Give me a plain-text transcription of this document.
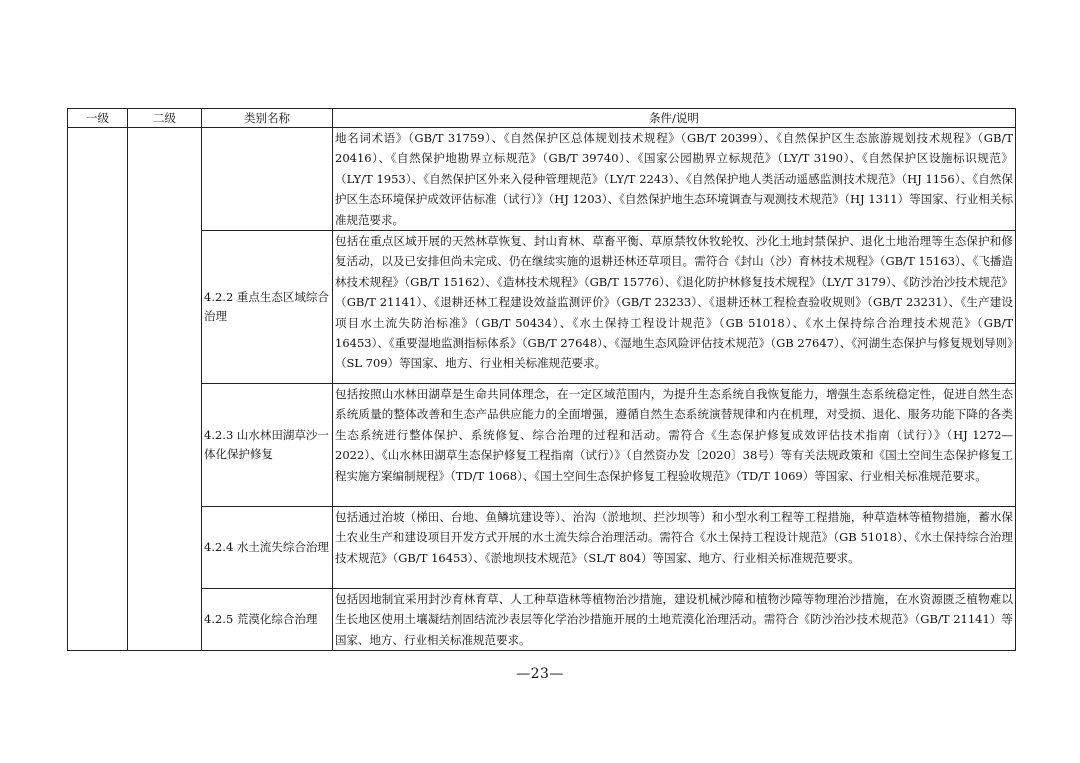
一级	二级	类别名称	条件/说明
			地名词术语》（GB/T 31759）、《自然保护区总体规划技术规程》（GB/T 20399）、《自然保护区生态旅游规划技术规程》（GB/T 20416）、《自然保护地勘界立标规范》（GB/T 39740）、《国家公园勘界立标规范》（LY/T 3190）、《自然保护区设施标识规范》（LY/T 1953）、《自然保护区外来入侵种管理规范》（LY/T 2243）、《自然保护地人类活动遥感监测技术规范》（HJ 1156）、《自然保护区生态环境保护成效评估标准（试行）》（HJ 1203）、《自然保护地生态环境调查与观测技术规范》（HJ 1311）等国家、行业相关标准规范要求。
		4.2.2 重点生态区域综合治理	包括在重点区域开展的天然林草恢复、封山育林、草畜平衡、草原禁牧休牧轮牧、沙化土地封禁保护、退化土地治理等生态保护和修复活动，以及已安排但尚未完成、仍在继续实施的退耕还林还草项目。需符合《封山（沙）育林技术规程》（GB/T 15163）、《飞播造林技术规程》（GB/T 15162）、《造林技术规程》（GB/T 15776）、《退化防护林修复技术规程》（LY/T 3179）、《防沙治沙技术规范》（GB/T 21141）、《退耕还林工程建设效益监测评价》（GB/T 23233）、《退耕还林工程检查验收规则》（GB/T 23231）、《生产建设项目水土流失防治标准》（GB/T 50434）、《水土保持工程设计规范》（GB 51018）、《水土保持综合治理技术规范》（GB/T 16453）、《重要湿地监测指标体系》（GB/T 27648）、《湿地生态风险评估技术规范》（GB 27647）、《河湖生态保护与修复规划导则》（SL 709）等国家、地方、行业相关标准规范要求。
		4.2.3 山水林田湖草沙一体化保护修复	包括按照山水林田湖草是生命共同体理念，在一定区域范围内，为提升生态系统自我恢复能力，增强生态系统稳定性，促进自然生态系统质量的整体改善和生态产品供应能力的全面增强，遵循自然生态系统演替规律和内在机理，对受损、退化、服务功能下降的各类生态系统进行整体保护、系统修复、综合治理的过程和活动。需符合《生态保护修复成效评估技术指南（试行）》（HJ 1272—2022）、《山水林田湖草生态保护修复工程指南（试行）》（自然资办发〔2020〕38号）等有关法规政策和《国土空间生态保护修复工程实施方案编制规程》（TD/T 1068）、《国土空间生态保护修复工程验收规范》（TD/T 1069）等国家、行业相关标准规范要求。
		4.2.4 水土流失综合治理	包括通过治坡（梯田、台地、鱼鳞坑建设等）、治沟（淤地坝、拦沙坝等）和小型水利工程等工程措施，种草造林等植物措施，蓄水保土农业生产和建设项目开发方式开展的水土流失综合治理活动。需符合《水土保持工程设计规范》（GB 51018）、《水土保持综合治理技术规范》（GB/T 16453）、《淤地坝技术规范》（SL/T 804）等国家、地方、行业相关标准规范要求。
		4.2.5 荒漠化综合治理	包括因地制宜采用封沙育林育草、人工种草造林等植物治沙措施，建设机械沙障和植物沙障等物理治沙措施，在水资源匮乏植物难以生长地区使用土壤凝结剂固结流沙表层等化学治沙措施开展的土地荒漠化治理活动。需符合《防沙治沙技术规范》（GB/T 21141）等国家、地方、行业相关标准规范要求。
—23—
